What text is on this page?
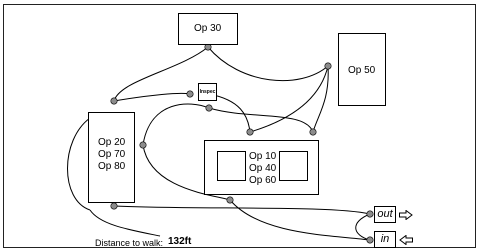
Op 30
Op 50
Inspec
Op 20
Op 70
Op 80
Op 10
Op 40
Op 60
out
in
Distance to walk: 132ft
